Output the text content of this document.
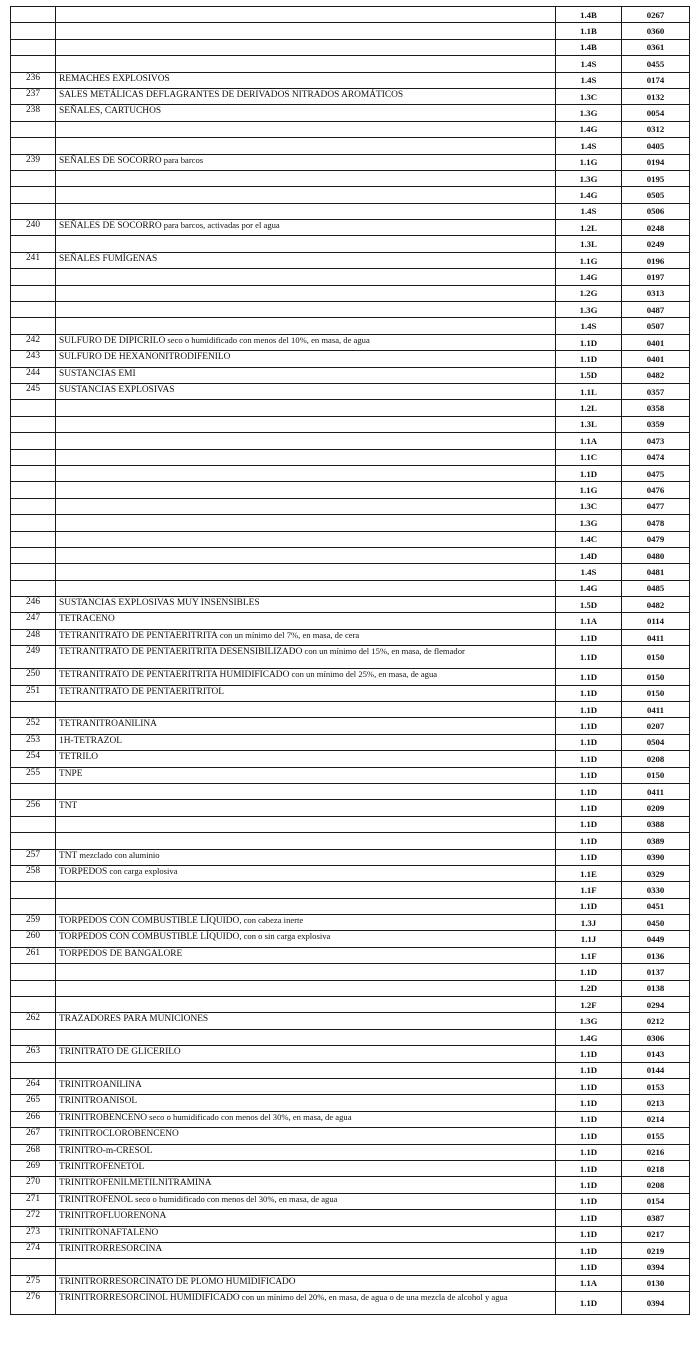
		1.4B	0267
		1.1B	0360
		1.4B	0361
		1.4S	0455
236	REMACHES EXPLOSIVOS	1.4S	0174
237	SALES METÁLICAS DEFLAGRANTES DE DERIVADOS NITRADOS AROMÁTICOS	1.3C	0132
238	SEÑALES, CARTUCHOS	1.3G	0054
		1.4G	0312
		1.4S	0405
239	SEÑALES DE SOCORRO para barcos	1.1G	0194
		1.3G	0195
		1.4G	0505
		1.4S	0506
240	SEÑALES DE SOCORRO para barcos, activadas por el agua	1.2L	0248
		1.3L	0249
241	SEÑALES FUMÍGENAS	1.1G	0196
		1.4G	0197
		1.2G	0313
		1.3G	0487
		1.4S	0507
242	SULFURO DE DIPICRILO seco o humidificado con menos del 10%, en masa, de agua	1.1D	0401
243	SULFURO DE HEXANONITRODIFENILO	1.1D	0401
244	SUSTANCIAS EMI	1.5D	0482
245	SUSTANCIAS EXPLOSIVAS	1.1L	0357
		1.2L	0358
		1.3L	0359
		1.1A	0473
		1.1C	0474
		1.1D	0475
		1.1G	0476
		1.3C	0477
		1.3G	0478
		1.4C	0479
		1.4D	0480
		1.4S	0481
		1.4G	0485
246	SUSTANCIAS EXPLOSIVAS MUY INSENSIBLES	1.5D	0482
247	TETRACENO	1.1A	0114
248	TETRANITRATO DE PENTAERITRITA con un mínimo del 7%, en masa, de cera	1.1D	0411
249	TETRANITRATO DE PENTAERITRITA DESENSIBILIZADO con un mínimo del 15%, en masa, de flemador	1.1D	0150
250	TETRANITRATO DE PENTAERITRITA HUMIDIFICADO con un mínimo del 25%, en masa, de agua	1.1D	0150
251	TETRANITRATO DE PENTAERITRITOL	1.1D	0150
		1.1D	0411
252	TETRANITROANILINA	1.1D	0207
253	1H-TETRAZOL	1.1D	0504
254	TETRILO	1.1D	0208
255	TNPE	1.1D	0150
		1.1D	0411
256	TNT	1.1D	0209
		1.1D	0388
		1.1D	0389
257	TNT mezclado con aluminio	1.1D	0390
258	TORPEDOS con carga explosiva	1.1E	0329
		1.1F	0330
		1.1D	0451
259	TORPEDOS CON COMBUSTIBLE LÍQUIDO, con cabeza inerte	1.3J	0450
260	TORPEDOS CON COMBUSTIBLE LÍQUIDO, con o sin carga explosiva	1.1J	0449
261	TORPEDOS DE BANGALORE	1.1F	0136
		1.1D	0137
		1.2D	0138
		1.2F	0294
262	TRAZADORES PARA MUNICIONES	1.3G	0212
		1.4G	0306
263	TRINITRATO DE GLICERILO	1.1D	0143
		1.1D	0144
264	TRINITROANILINA	1.1D	0153
265	TRINITROANISOL	1.1D	0213
266	TRINITROBENCENO seco o humidificado con menos del 30%, en masa, de agua	1.1D	0214
267	TRINITROCLOROBENCENO	1.1D	0155
268	TRINITRO-m-CRESOL	1.1D	0216
269	TRINITROFENETOL	1.1D	0218
270	TRINITROFENILMETILNITRAMINA	1.1D	0208
271	TRINITROFENOL seco o humidificado con menos del 30%, en masa, de agua	1.1D	0154
272	TRINITROFLUORENONA	1.1D	0387
273	TRINITRONAFTALENO	1.1D	0217
274	TRINITRORRESORCINA	1.1D	0219
		1.1D	0394
275	TRINITRORRESORCINATO DE PLOMO HUMIDIFICADO	1.1A	0130
276	TRINITRORRESORCINOL HUMIDIFICADO con un mínimo del 20%, en masa, de agua o de una mezcla de alcohol y agua	1.1D	0394
